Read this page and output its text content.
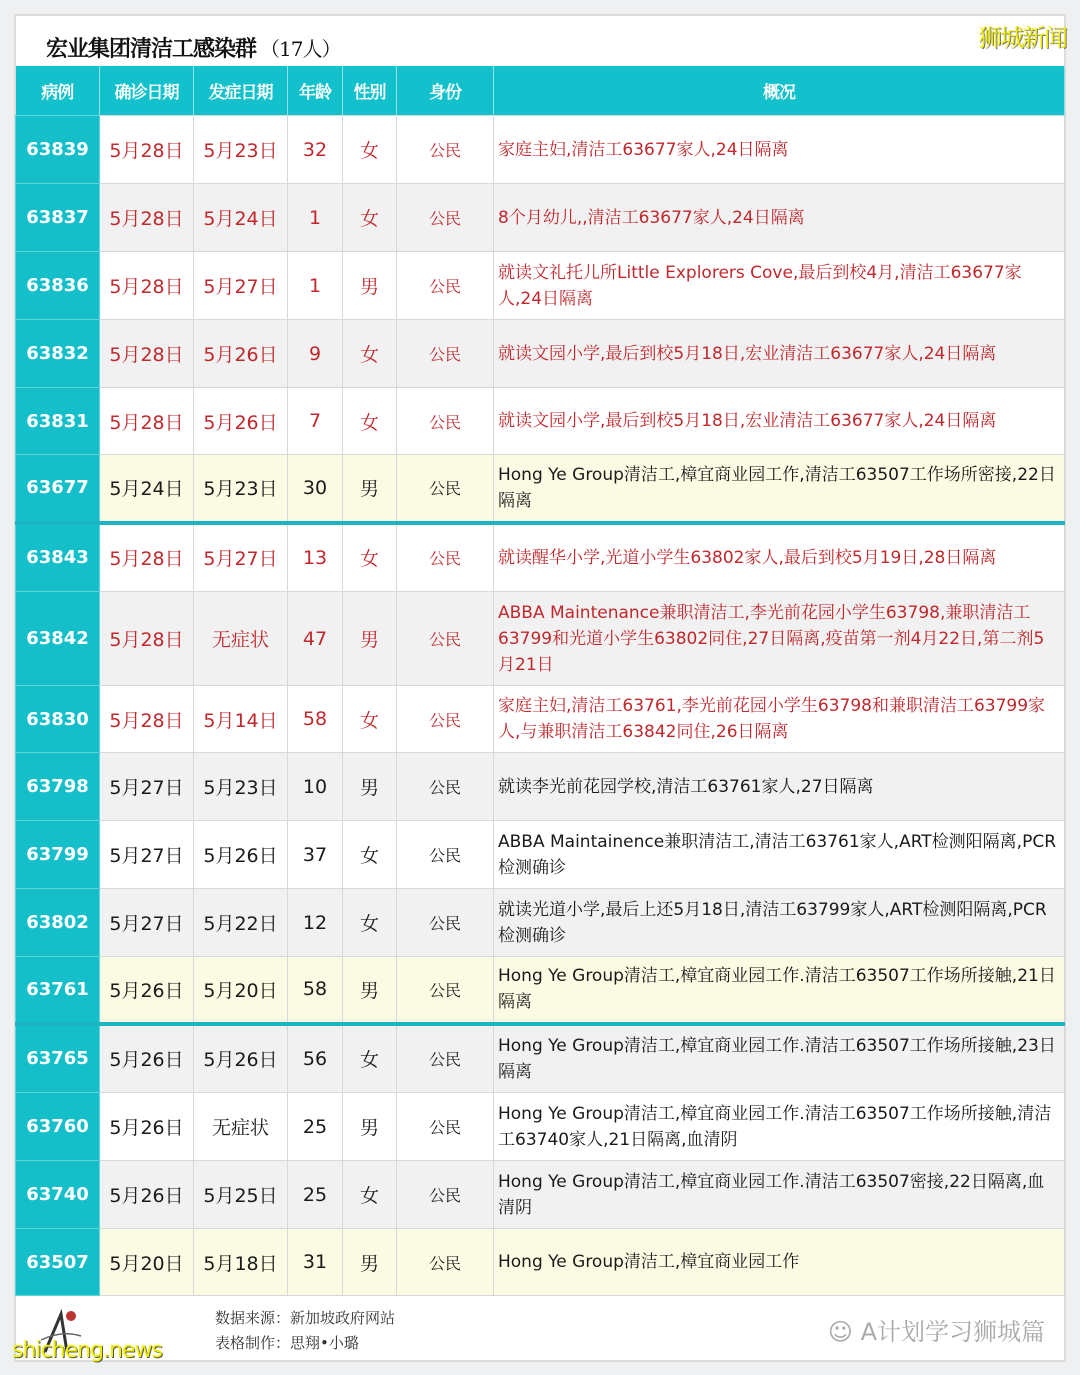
宏业集团清洁工感染群 （17人）	狮城新闻
病例	确诊日期	发症日期	年龄	性别	身份	概况
63839	5月28日	5月23日	32	女	公民	家庭主妇,清洁工63677家人,24日隔离
63837	5月28日	5月24日	1	女	公民	8个月幼儿,,清洁工63677家人,24日隔离
63836	5月28日	5月27日	1	男	公民	就读文礼托儿所Little Explorers Cove,最后到校4月,清洁工63677家人,24日隔离
63832	5月28日	5月26日	9	女	公民	就读文园小学,最后到校5月18日,宏业清洁工63677家人,24日隔离
63831	5月28日	5月26日	7	女	公民	就读文园小学,最后到校5月18日,宏业清洁工63677家人,24日隔离
63677	5月24日	5月23日	30	男	公民	Hong Ye Group清洁工,樟宜商业园工作,清洁工63507工作场所密接,22日隔离
63843	5月28日	5月27日	13	女	公民	就读醒华小学,光道小学生63802家人,最后到校5月19日,28日隔离
63842	5月28日	无症状	47	男	公民	ABBA Maintenance兼职清洁工,李光前花园小学生63798,兼职清洁工63799和光道小学生63802同住,27日隔离,疫苗第一剂4月22日,第二剂5月21日
63830	5月28日	5月14日	58	女	公民	家庭主妇,清洁工63761,李光前花园小学生63798和兼职清洁工63799家人,与兼职清洁工63842同住,26日隔离
63798	5月27日	5月23日	10	男	公民	就读李光前花园学校,清洁工63761家人,27日隔离
63799	5月27日	5月26日	37	女	公民	ABBA Maintainence兼职清洁工,清洁工63761家人,ART检测阳隔离,PCR检测确诊
63802	5月27日	5月22日	12	女	公民	就读光道小学,最后上还5月18日,清洁工63799家人,ART检测阳隔离,PCR检测确诊
63761	5月26日	5月20日	58	男	公民	Hong Ye Group清洁工,樟宜商业园工作.清洁工63507工作场所接触,21日隔离
63765	5月26日	5月26日	56	女	公民	Hong Ye Group清洁工,樟宜商业园工作.清洁工63507工作场所接触,23日隔离
63760	5月26日	无症状	25	男	公民	Hong Ye Group清洁工,樟宜商业园工作.清洁工63507工作场所接触,清洁工63740家人,21日隔离,血清阴
63740	5月26日	5月25日	25	女	公民	Hong Ye Group清洁工,樟宜商业园工作.清洁工63507密接,22日隔离,血清阴
63507	5月20日	5月18日	31	男	公民	Hong Ye Group清洁工,樟宜商业园工作
数据来源：新加坡政府网站
表格制作：思翔•小璐	☺ A计划学习狮城篇
shicheng.news
